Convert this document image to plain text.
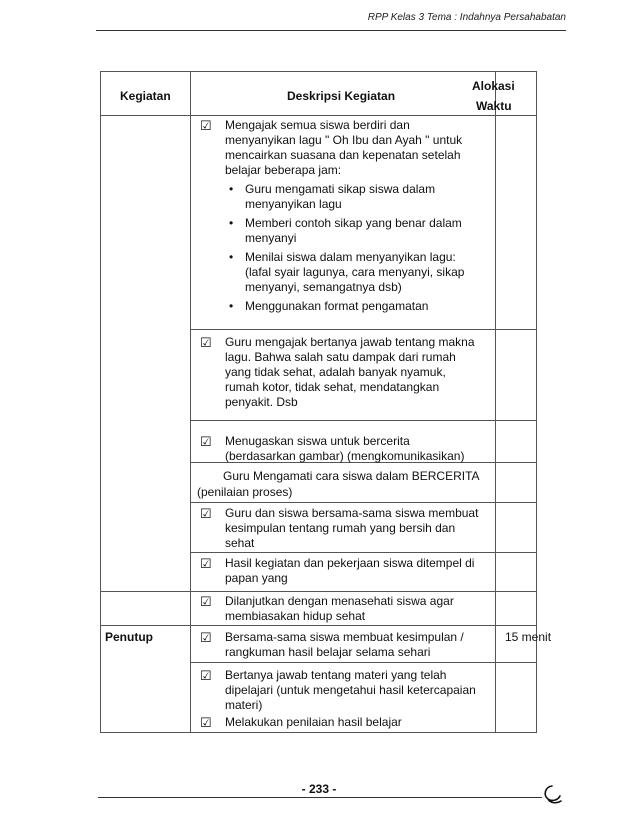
RPP Kelas 3 Tema : Indahnya Persahabatan
Kegiatan	Deskripsi Kegiatan
Alokasi
Waktu
☑ Mengajak semua siswa berdiri dan
menyanyikan lagu " Oh Ibu dan Ayah " untuk
mencairkan suasana dan kepenatan setelah
belajar beberapa jam:
• Guru mengamati sikap siswa dalam
menyanyikan lagu
• Memberi contoh sikap yang benar dalam
menyanyi
• Menilai siswa dalam menyanyikan lagu:
(lafal syair lagunya, cara menyanyi, sikap
menyanyi, semangatnya dsb)
• Menggunakan format pengamatan
☑ Guru mengajak bertanya jawab tentang makna
lagu. Bahwa salah satu dampak dari rumah
yang tidak sehat, adalah banyak nyamuk,
rumah kotor, tidak sehat, mendatangkan
penyakit. Dsb
☑ Menugaskan siswa untuk bercerita
(berdasarkan gambar) (mengkomunikasikan)
Guru Mengamati cara siswa dalam BERCERITA
(penilaian proses)
☑ Guru dan siswa bersama-sama siswa membuat
kesimpulan tentang rumah yang bersih dan
sehat
☑ Hasil kegiatan dan pekerjaan siswa ditempel di
papan yang
☑ Dilanjutkan dengan menasehati siswa agar
membiasakan hidup sehat
Penutup	15 menit
☑ Bersama-sama siswa membuat kesimpulan /
rangkuman hasil belajar selama sehari
☑ Bertanya jawab tentang materi yang telah
dipelajari (untuk mengetahui hasil ketercapaian
materi)
☑ Melakukan penilaian hasil belajar
- 233 -
